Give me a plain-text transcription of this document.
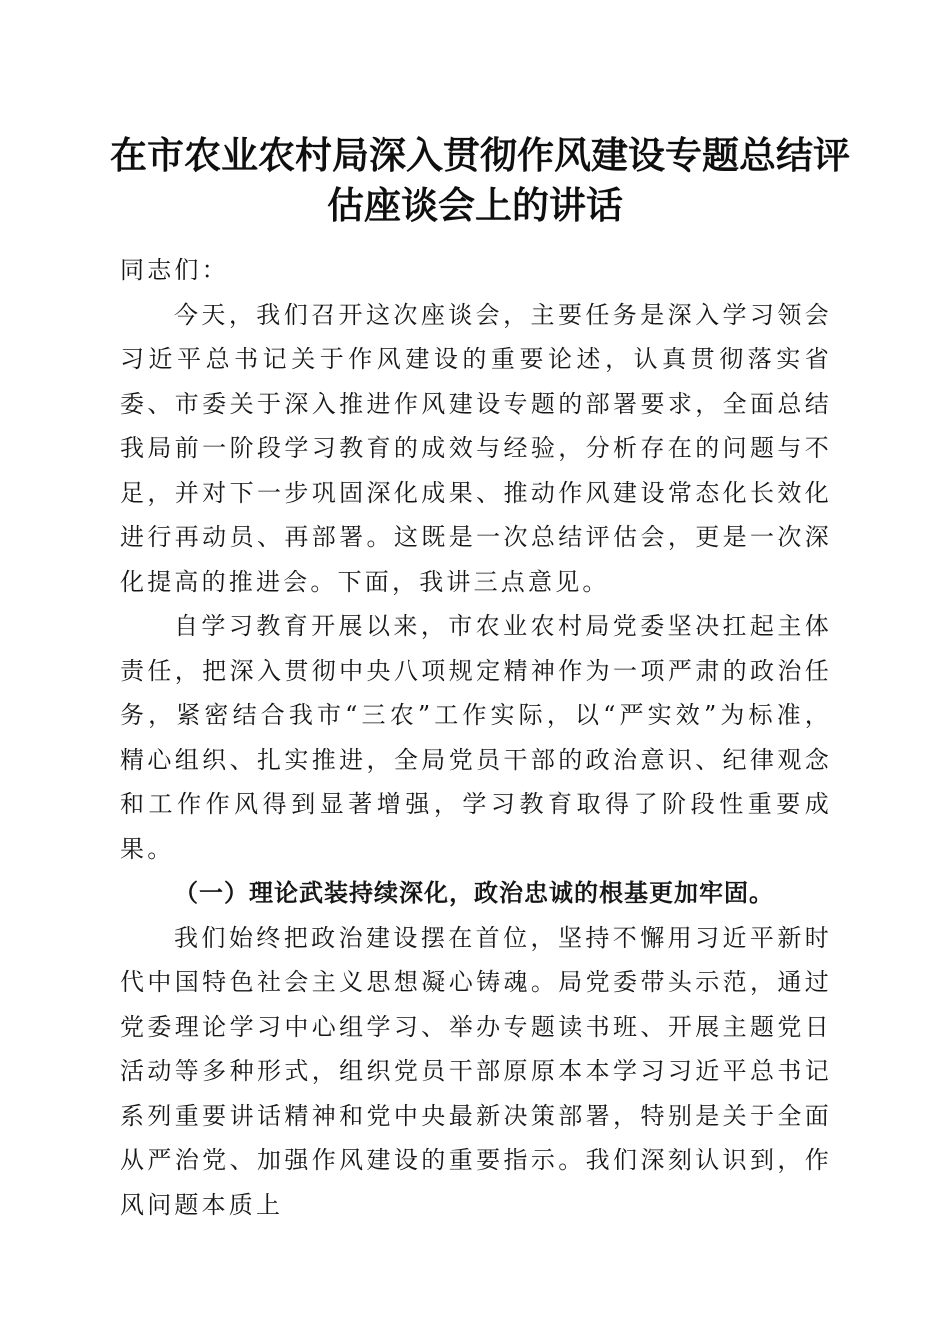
在市农业农村局深入贯彻作风建设专题总结评
估座谈会上的讲话

同志们：

今天，我们召开这次座谈会，主要任务是深入学习领会习近平总书记关于作风建设的重要论述，认真贯彻落实省委、市委关于深入推进作风建设专题的部署要求，全面总结我局前一阶段学习教育的成效与经验，分析存在的问题与不足，并对下一步巩固深化成果、推动作风建设常态化长效化进行再动员、再部署。这既是一次总结评估会，更是一次深化提高的推进会。下面，我讲三点意见。

自学习教育开展以来，市农业农村局党委坚决扛起主体责任，把深入贯彻中央八项规定精神作为一项严肃的政治任务，紧密结合我市“三农”工作实际，以“严实效”为标准，精心组织、扎实推进，全局党员干部的政治意识、纪律观念和工作作风得到显著增强，学习教育取得了阶段性重要成果。

（一）理论武装持续深化，政治忠诚的根基更加牢固。

我们始终把政治建设摆在首位，坚持不懈用习近平新时代中国特色社会主义思想凝心铸魂。局党委带头示范，通过党委理论学习中心组学习、举办专题读书班、开展主题党日活动等多种形式，组织党员干部原原本本学习习近平总书记系列重要讲话精神和党中央最新决策部署，特别是关于全面从严治党、加强作风建设的重要指示。我们深刻认识到，作风问题本质上
